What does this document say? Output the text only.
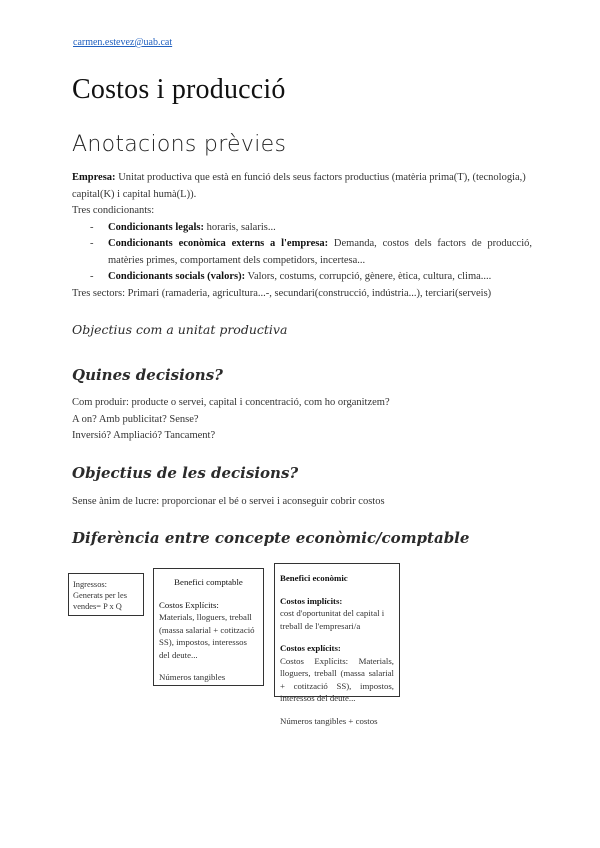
carmen.estevez@uab.cat
Costos i producció
Anotacions prèvies

Empresa: Unitat productiva que està en funció dels seus factors productius (matèria prima(T), (tecnologia,) capital(K) i capital humà(L)).

Tres condicionants:

- Condicionants legals: horaris, salaris...
- Condicionants econòmica externs a l'empresa: Demanda, costos dels factors de producció, matèries primes, comportament dels competidors, incertesa...
- Condicionants socials (valors): Valors, costums, corrupció, gènere, ètica, cultura, clima....

Tres sectors: Primari (ramaderia, agricultura...-, secundari(construcció, indústria...), terciari(serveis)

Objectius com a unitat productiva
Quines decisions?

Com produir: producte o servei, capital i concentració, com ho organitzem?

A on? Amb publicitat? Sense?

Inversió? Ampliació? Tancament?

Objectius de les decisions?

Sense ànim de lucre: proporcionar el bé o servei i aconseguir cobrir costos

Diferència entre concepte econòmic/comptable

Ingressos:

Generats per les

vendes= P x Q

Benefici comptable

Costos Explícits:

Materials, lloguers, treball (massa salarial + cotització SS), impostos, interessos del deute...

Números tangibles

Benefici econòmic

Costos implícits:

cost d'oportunitat del capital i treball de l'empresari/a

Costos explícits:

Costos Explícits: Materials, lloguers, treball (massa salarial + cotització SS), impostos, interessos del deute...

Números tangibles + costos
